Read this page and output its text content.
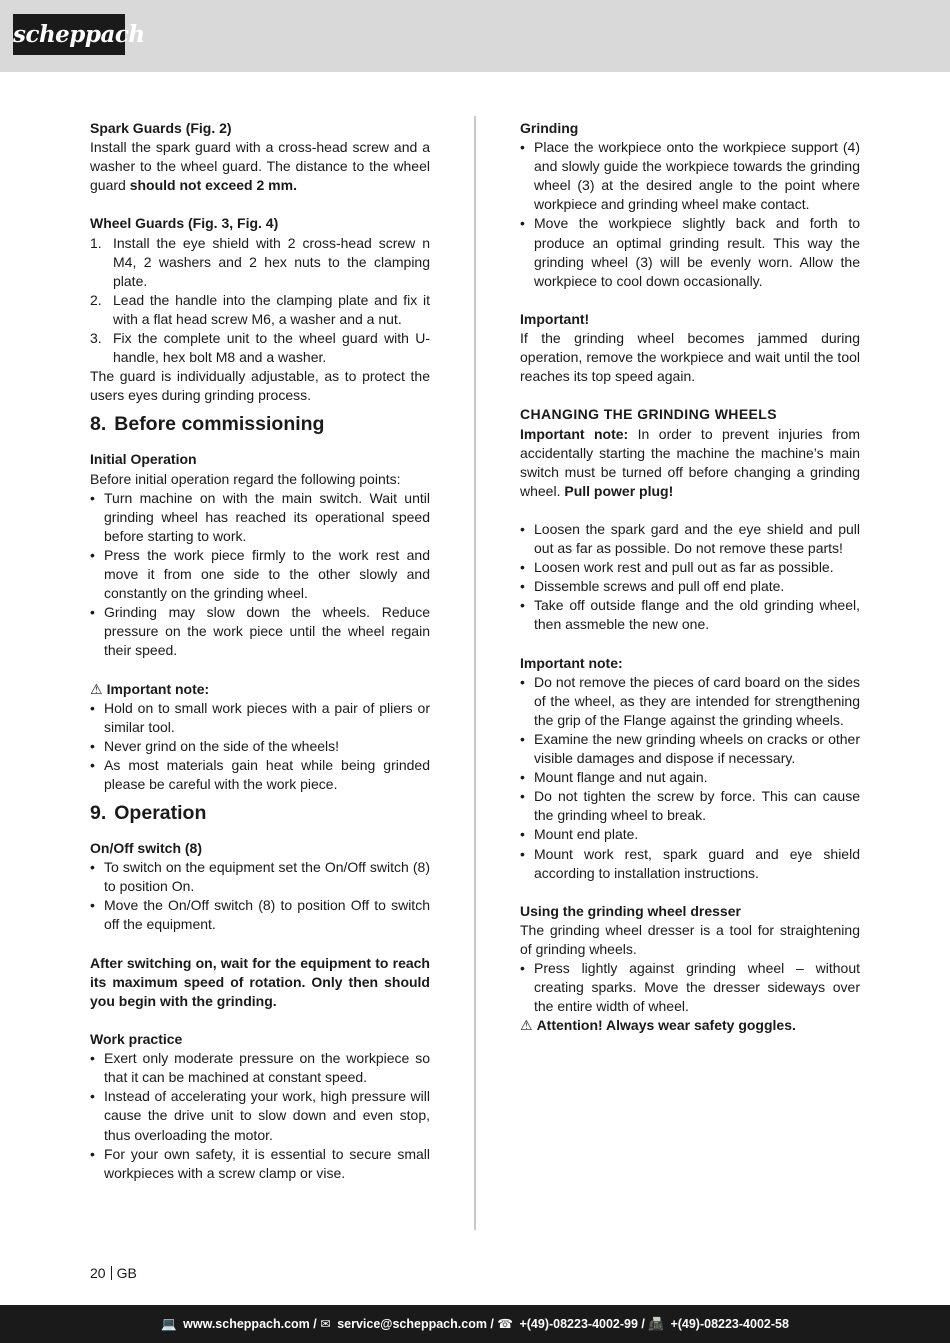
scheppach

Spark Guards (Fig. 2)

Install the spark guard with a cross-head screw and a washer to the wheel guard. The distance to the wheel guard should not exceed 2 mm.

Wheel Guards (Fig. 3, Fig. 4)

1. Install the eye shield with 2 cross-head screw n M4, 2 washers and 2 hex nuts to the clamping plate.
2. Lead the handle into the clamping plate and fix it with a flat head screw M6, a washer and a nut.
3. Fix the complete unit to the wheel guard with U-handle, hex bolt M8 and a washer.

The guard is individually adjustable, as to protect the users eyes during grinding process.

8. Before commissioning

Initial Operation

Before initial operation regard the following points:

• Turn machine on with the main switch. Wait until grinding wheel has reached its operational speed before starting to work.
• Press the work piece firmly to the work rest and move it from one side to the other slowly and constantly on the grinding wheel.
• Grinding may slow down the wheels. Reduce pressure on the work piece until the wheel regain their speed.

⚠ Important note:

• Hold on to small work pieces with a pair of pliers or similar tool.
• Never grind on the side of the wheels!
• As most materials gain heat while being grinded please be careful with the work piece.
9. Operation

On/Off switch (8)

• To switch on the equipment set the On/Off switch (8) to position On.
• Move the On/Off switch (8) to position Off to switch off the equipment.

After switching on, wait for the equipment to reach its maximum speed of rotation. Only then should you begin with the grinding.

Work practice

• Exert only moderate pressure on the workpiece so that it can be machined at constant speed.
• Instead of accelerating your work, high pressure will cause the drive unit to slow down and even stop, thus overloading the motor.
• For your own safety, it is essential to secure small workpieces with a screw clamp or vise.

Grinding

• Place the workpiece onto the workpiece support (4) and slowly guide the workpiece towards the grinding wheel (3) at the desired angle to the point where workpiece and grinding wheel make contact.
• Move the workpiece slightly back and forth to produce an optimal grinding result. This way the grinding wheel (3) will be evenly worn. Allow the workpiece to cool down occasionally.

Important!

If the grinding wheel becomes jammed during operation, remove the workpiece and wait until the tool reaches its top speed again.

CHANGING THE GRINDING WHEELS

Important note: In order to prevent injuries from accidentally starting the machine the machine’s main switch must be turned off before changing a grinding wheel. Pull power plug!

• Loosen the spark gard and the eye shield and pull out as far as possible. Do not remove these parts!
• Loosen work rest and pull out as far as possible.
• Dissemble screws and pull off end plate.
• Take off outside flange and the old grinding wheel, then assmeble the new one.

Important note:

• Do not remove the pieces of card board on the sides of the wheel, as they are intended for strengthening the grip of the Flange against the grinding wheels.
• Examine the new grinding wheels on cracks or other visible damages and dispose if necessary.
• Mount flange and nut again.
• Do not tighten the screw by force. This can cause the grinding wheel to break.
• Mount end plate.
• Mount work rest, spark guard and eye shield according to installation instructions.

Using the grinding wheel dresser

The grinding wheel dresser is a tool for straightening of grinding wheels.

• Press lightly against grinding wheel – without creating sparks. Move the dresser sideways over the entire width of wheel.

⚠ Attention! Always wear safety goggles.

20 GB
💻 www.scheppach.com / ✉ service@scheppach.com / ☎ +(49)-08223-4002-99 / 📠 +(49)-08223-4002-58
